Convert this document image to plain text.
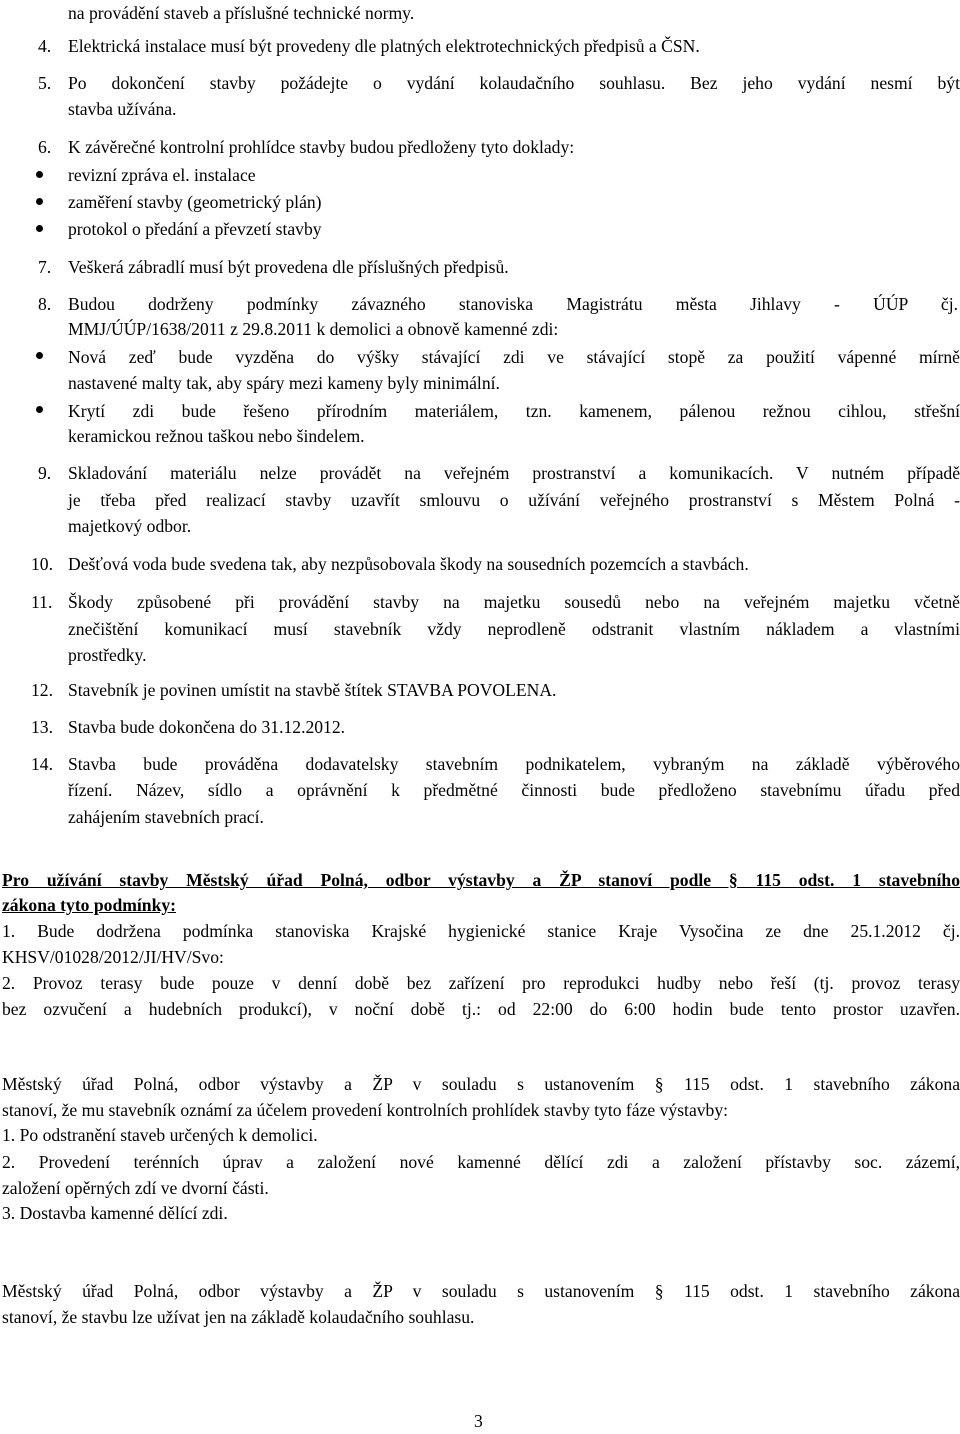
na provádění staveb a příslušné technické normy.
4. Elektrická instalace musí být provedeny dle platných elektrotechnických předpisů a ČSN.
5. Po dokončení stavby požádejte o vydání kolaudačního souhlasu. Bez jeho vydání nesmí být
stavba užívána.
6. K závěrečné kontrolní prohlídce stavby budou předloženy tyto doklady:
revizní zpráva el. instalace
zaměření stavby (geometrický plán)
protokol o předání a převzetí stavby
7. Veškerá zábradlí musí být provedena dle příslušných předpisů.
8. Budou dodrženy podmínky závazného stanoviska Magistrátu města Jihlavy - ÚÚP čj.
MMJ/ÚÚP/1638/2011 z 29.8.2011 k demolici a obnově kamenné zdi:
Nová zeď bude vyzděna do výšky stávající zdi ve stávající stopě za použití vápenné mírně
nastavené malty tak, aby spáry mezi kameny byly minimální.
Krytí zdi bude řešeno přírodním materiálem, tzn. kamenem, pálenou režnou cihlou, střešní
keramickou režnou taškou nebo šindelem.
9. Skladování materiálu nelze provádět na veřejném prostranství a komunikacích. V nutném případě
je třeba před realizací stavby uzavřít smlouvu o užívání veřejného prostranství s Městem Polná -
majetkový odbor.
10. Dešťová voda bude svedena tak, aby nezpůsobovala škody na sousedních pozemcích a stavbách.
11. Škody způsobené při provádění stavby na majetku sousedů nebo na veřejném majetku včetně
znečištění komunikací musí stavebník vždy neprodleně odstranit vlastním nákladem a vlastními
prostředky.
12. Stavebník je povinen umístit na stavbě štítek STAVBA POVOLENA.
13. Stavba bude dokončena do 31.12.2012.
14. Stavba bude prováděna dodavatelsky stavebním podnikatelem, vybraným na základě výběrového
řízení. Název, sídlo a oprávnění k předmětné činnosti bude předloženo stavebnímu úřadu před
zahájením stavebních prací.
Pro užívání stavby Městský úřad Polná, odbor výstavby a ŽP stanoví podle § 115 odst. 1 stavebního
zákona tyto podmínky:
1. Bude dodržena podmínka stanoviska Krajské hygienické stanice Kraje Vysočina ze dne 25.1.2012 čj.
KHSV/01028/2012/JI/HV/Svo:
2. Provoz terasy bude pouze v denní době bez zařízení pro reprodukci hudby nebo řeší (tj. provoz terasy
bez ozvučení a hudebních produkcí), v noční době tj.: od 22:00 do 6:00 hodin bude tento prostor uzavřen.
Městský úřad Polná, odbor výstavby a ŽP v souladu s ustanovením § 115 odst. 1 stavebního zákona
stanoví, že mu stavebník oznámí za účelem provedení kontrolních prohlídek stavby tyto fáze výstavby:
1. Po odstranění staveb určených k demolici.
2. Provedení terénních úprav a založení nové kamenné dělící zdi a založení přístavby soc. zázemí,
založení opěrných zdí ve dvorní části.
3. Dostavba kamenné dělící zdi.
Městský úřad Polná, odbor výstavby a ŽP v souladu s ustanovením § 115 odst. 1 stavebního zákona
stanoví, že stavbu lze užívat jen na základě kolaudačního souhlasu.
3
